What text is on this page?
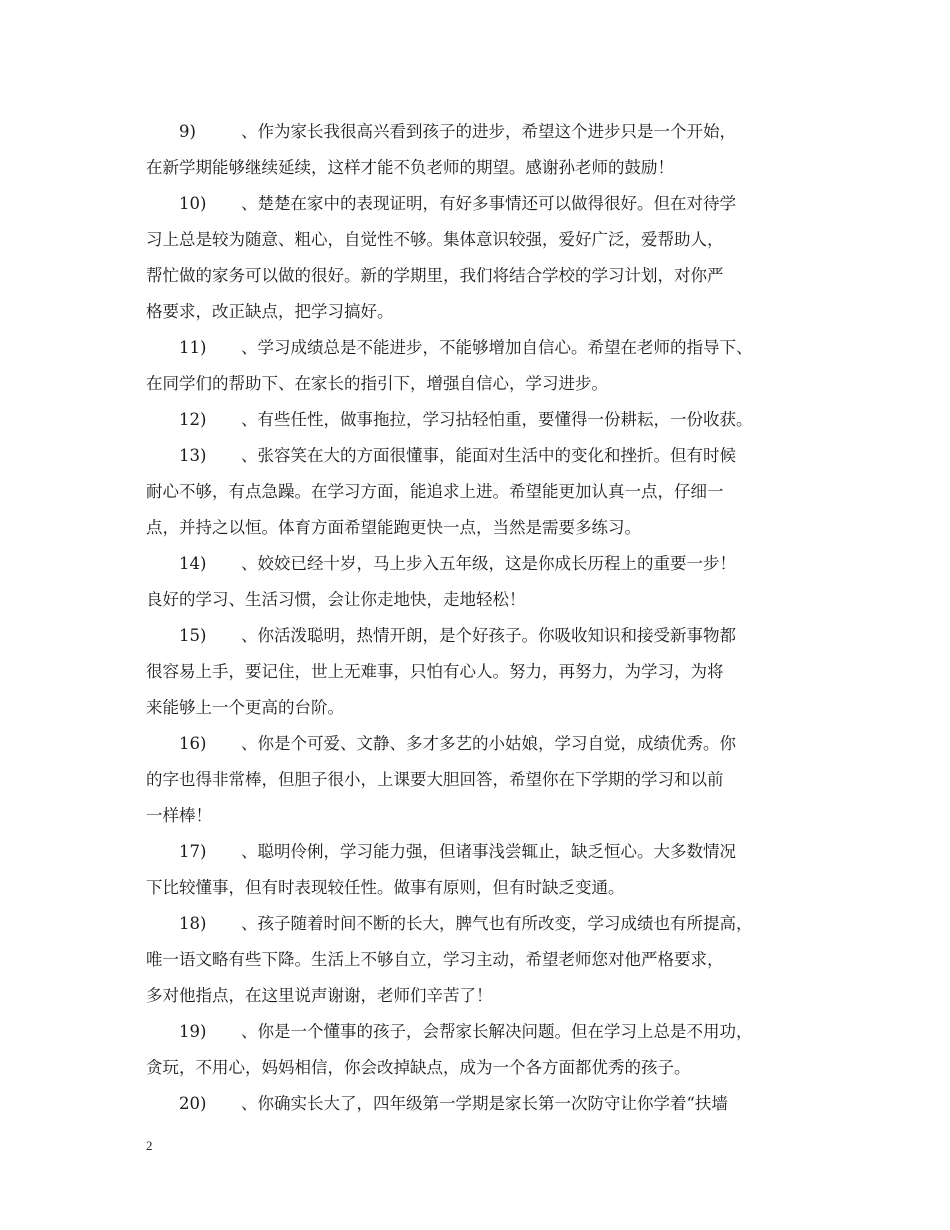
9)	、作为家长我很高兴看到孩子的进步，希望这个进步只是一个开始，
在新学期能够继续延续，这样才能不负老师的期望。感谢孙老师的鼓励！
10) 、楚楚在家中的表现证明，有好多事情还可以做得很好。但在对待学
习上总是较为随意、粗心，自觉性不够。集体意识较强，爱好广泛，爱帮助人，
帮忙做的家务可以做的很好。新的学期里，我们将结合学校的学习计划，对你严
格要求，改正缺点，把学习搞好。
11) 、学习成绩总是不能进步，不能够增加自信心。希望在老师的指导下、
在同学们的帮助下、在家长的指引下，增强自信心，学习进步。
12) 、有些任性，做事拖拉，学习拈轻怕重，要懂得一份耕耘，一份收获。
13) 、张容笑在大的方面很懂事，能面对生活中的变化和挫折。但有时候
耐心不够，有点急躁。在学习方面，能追求上进。希望能更加认真一点，仔细一
点，并持之以恒。体育方面希望能跑更快一点，当然是需要多练习。
14) 、姣姣已经十岁，马上步入五年级，这是你成长历程上的重要一步！
良好的学习、生活习惯，会让你走地快，走地轻松！
15) 、你活泼聪明，热情开朗，是个好孩子。你吸收知识和接受新事物都
很容易上手，要记住，世上无难事，只怕有心人。努力，再努力，为学习，为将
来能够上一个更高的台阶。
16) 、你是个可爱、文静、多才多艺的小姑娘，学习自觉，成绩优秀。你
的字也得非常棒，但胆子很小，上课要大胆回答，希望你在下学期的学习和以前
一样棒！
17) 、聪明伶俐，学习能力强，但诸事浅尝辄止，缺乏恒心。大多数情况
下比较懂事，但有时表现较任性。做事有原则，但有时缺乏变通。
18) 、孩子随着时间不断的长大，脾气也有所改变，学习成绩也有所提高，
唯一语文略有些下降。生活上不够自立，学习主动，希望老师您对他严格要求，
多对他指点，在这里说声谢谢，老师们辛苦了！
19) 、你是一个懂事的孩子，会帮家长解决问题。但在学习上总是不用功，
贪玩，不用心，妈妈相信，你会改掉缺点，成为一个各方面都优秀的孩子。
20) 、你确实长大了，四年级第一学期是家长第一次防守让你学着“扶墙
2
